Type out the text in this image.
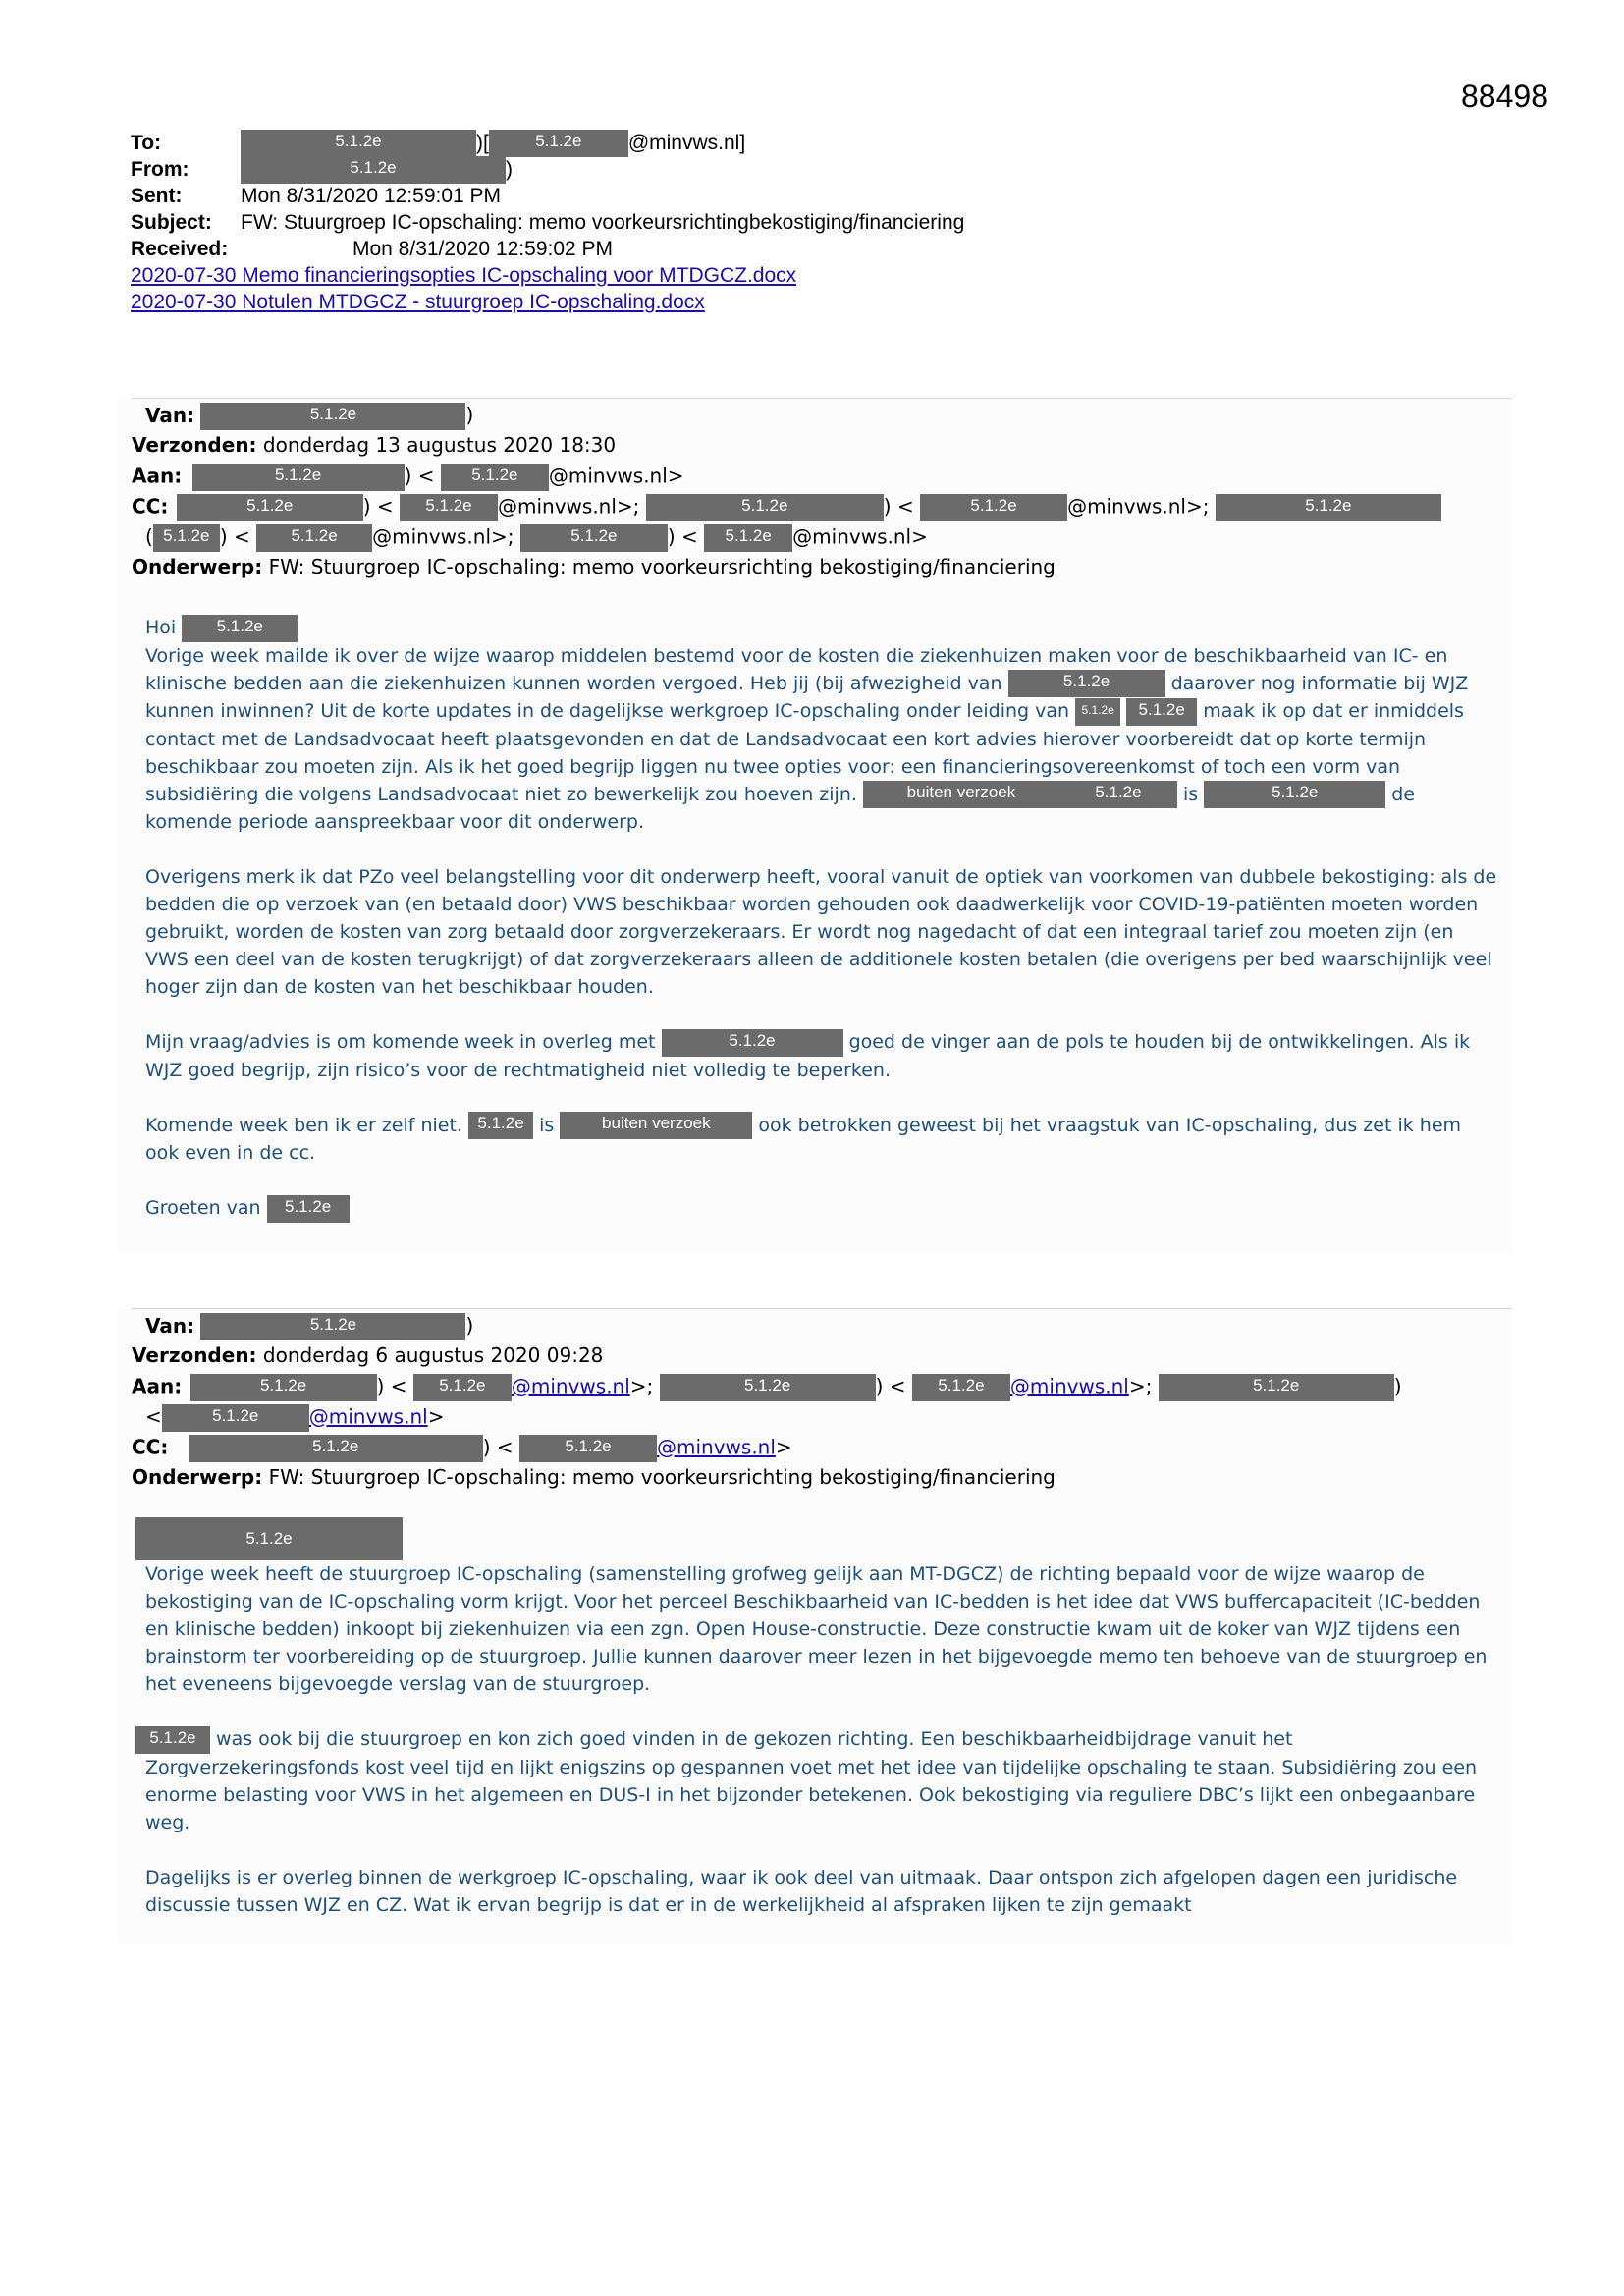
88498
To:	5.1.2e	)[	5.1.2e @minvws.nl]
From:	5.1.2e	)
Sent:	Mon 8/31/2020 12:59:01 PM
Subject: FW: Stuurgroep IC-opschaling: memo voorkeursrichtingbekostiging/financiering
Received:	Mon 8/31/2020 12:59:02 PM
2020-07-30 Memo financieringsopties IC-opschaling voor MTDGCZ.docx
2020-07-30 Notulen MTDGCZ - stuurgroep IC-opschaling.docx
Van:	5.1.2e	)
Verzonden: donderdag 13 augustus 2020 18:30
Aan:	5.1.2e	) < 5.1.2e @minvws.nl>
CC:	5.1.2e	) < 5.1.2e @minvws.nl>;	5.1.2e	) <	5.1.2e	@minvws.nl>;	5.1.2e
( 5.1.2e ) < 5.1.2e @minvws.nl>;	5.1.2e	) < 5.1.2e @minvws.nl>
Onderwerp: FW: Stuurgroep IC-opschaling: memo voorkeursrichting bekostiging/financiering

Hoi 5.1.2e

Vorige week mailde ik over de wijze waarop middelen bestemd voor de kosten die ziekenhuizen maken voor de beschikbaarheid van IC- en klinische bedden aan die ziekenhuizen kunnen worden vergoed. Heb jij (bij afwezigheid van	5.1.2e	daarover nog informatie bij WJZ kunnen inwinnen? Uit de korte updates in de dagelijkse werkgroep IC-opschaling onder leiding van 5.1.2e 5.1.2e maak ik op dat er inmiddels contact met de Landsadvocaat heeft plaatsgevonden en dat de Landsadvocaat een kort advies hierover voorbereidt dat op korte termijn beschikbaar zou moeten zijn. Als ik het goed begrijp liggen nu twee opties voor: een financieringsovereenkomst of toch een vorm van subsidiëring die volgens Landsadvocaat niet zo bewerkelijk zou hoeven zijn.	buiten verzoek	5.1.2e is	5.1.2e	de komende periode aanspreekbaar voor dit onderwerp.

Overigens merk ik dat PZo veel belangstelling voor dit onderwerp heeft, vooral vanuit de optiek van voorkomen van dubbele bekostiging: als de bedden die op verzoek van (en betaald door) VWS beschikbaar worden gehouden ook daadwerkelijk voor COVID-19-patiënten moeten worden gebruikt, worden de kosten van zorg betaald door zorgverzekeraars. Er wordt nog nagedacht of dat een integraal tarief zou moeten zijn (en VWS een deel van de kosten terugkrijgt) of dat zorgverzekeraars alleen de additionele kosten betalen (die overigens per bed waarschijnlijk veel hoger zijn dan de kosten van het beschikbaar houden.

Mijn vraag/advies is om komende week in overleg met	5.1.2e	goed de vinger aan de pols te houden bij de ontwikkelingen. Als ik WJZ goed begrijp, zijn risico’s voor de rechtmatigheid niet volledig te beperken.

Komende week ben ik er zelf niet. 5.1.2e is	buiten verzoek	ook betrokken geweest bij het vraagstuk van IC-opschaling, dus zet ik hem ook even in de cc.

Groeten van 5.1.2e

Van:	5.1.2e	)
Verzonden: donderdag 6 augustus 2020 09:28
Aan:	5.1.2e	) < 5.1.2e @minvws.nl>;	5.1.2e	) < 5.1.2e @minvws.nl>;	5.1.2e	)
<	5.1.2e	@minvws.nl>
CC:	5.1.2e	) <	5.1.2e @minvws.nl>
Onderwerp: FW: Stuurgroep IC-opschaling: memo voorkeursrichting bekostiging/financiering

5.1.2e

Vorige week heeft de stuurgroep IC-opschaling (samenstelling grofweg gelijk aan MT-DGCZ) de richting bepaald voor de wijze waarop de bekostiging van de IC-opschaling vorm krijgt. Voor het perceel Beschikbaarheid van IC-bedden is het idee dat VWS buffercapaciteit (IC-bedden en klinische bedden) inkoopt bij ziekenhuizen via een zgn. Open House-constructie. Deze constructie kwam uit de koker van WJZ tijdens een brainstorm ter voorbereiding op de stuurgroep. Jullie kunnen daarover meer lezen in het bijgevoegde memo ten behoeve van de stuurgroep en het eveneens bijgevoegde verslag van de stuurgroep.

5.1.2e was ook bij die stuurgroep en kon zich goed vinden in de gekozen richting. Een beschikbaarheidbijdrage vanuit het Zorgverzekeringsfonds kost veel tijd en lijkt enigszins op gespannen voet met het idee van tijdelijke opschaling te staan. Subsidiëring zou een enorme belasting voor VWS in het algemeen en DUS-I in het bijzonder betekenen. Ook bekostiging via reguliere DBC’s lijkt een onbegaanbare weg.

Dagelijks is er overleg binnen de werkgroep IC-opschaling, waar ik ook deel van uitmaak. Daar ontspon zich afgelopen dagen een juridische discussie tussen WJZ en CZ. Wat ik ervan begrijp is dat er in de werkelijkheid al afspraken lijken te zijn gemaakt
